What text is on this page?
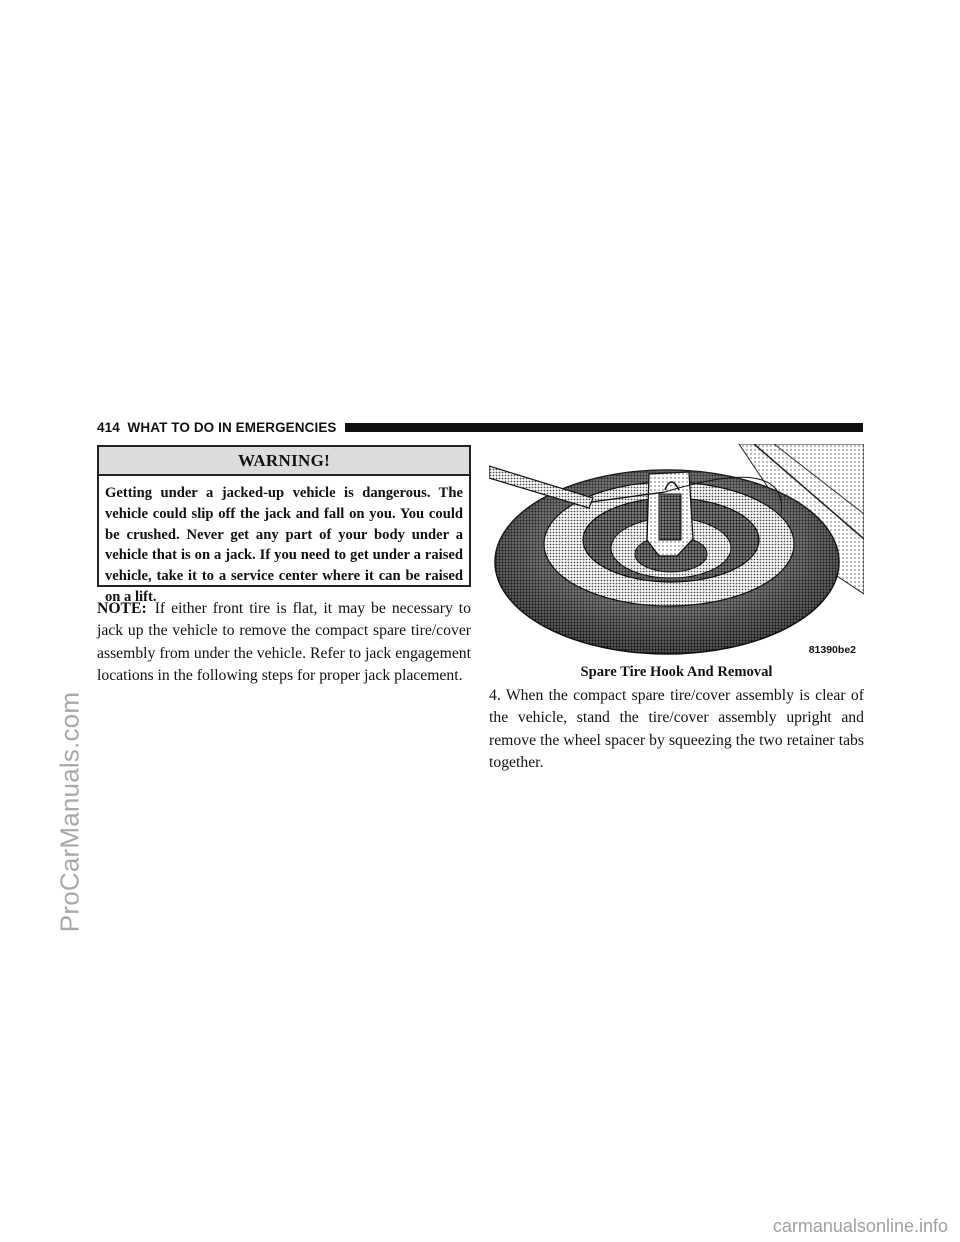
414 WHAT TO DO IN EMERGENCIES
WARNING!
Getting under a jacked-up vehicle is dangerous. The vehicle could slip off the jack and fall on you. You could be crushed. Never get any part of your body under a vehicle that is on a jack. If you need to get under a raised vehicle, take it to a service center where it can be raised on a lift.
NOTE: If either front tire is flat, it may be necessary to jack up the vehicle to remove the compact spare tire/cover assembly from under the vehicle. Refer to jack engagement locations in the following steps for proper jack placement.
81390be2
Spare Tire Hook And Removal
4. When the compact spare tire/cover assembly is clear of the vehicle, stand the tire/cover assembly upright and remove the wheel spacer by squeezing the two retainer tabs together.
ProCarManuals.com
carmanualsonline.info
